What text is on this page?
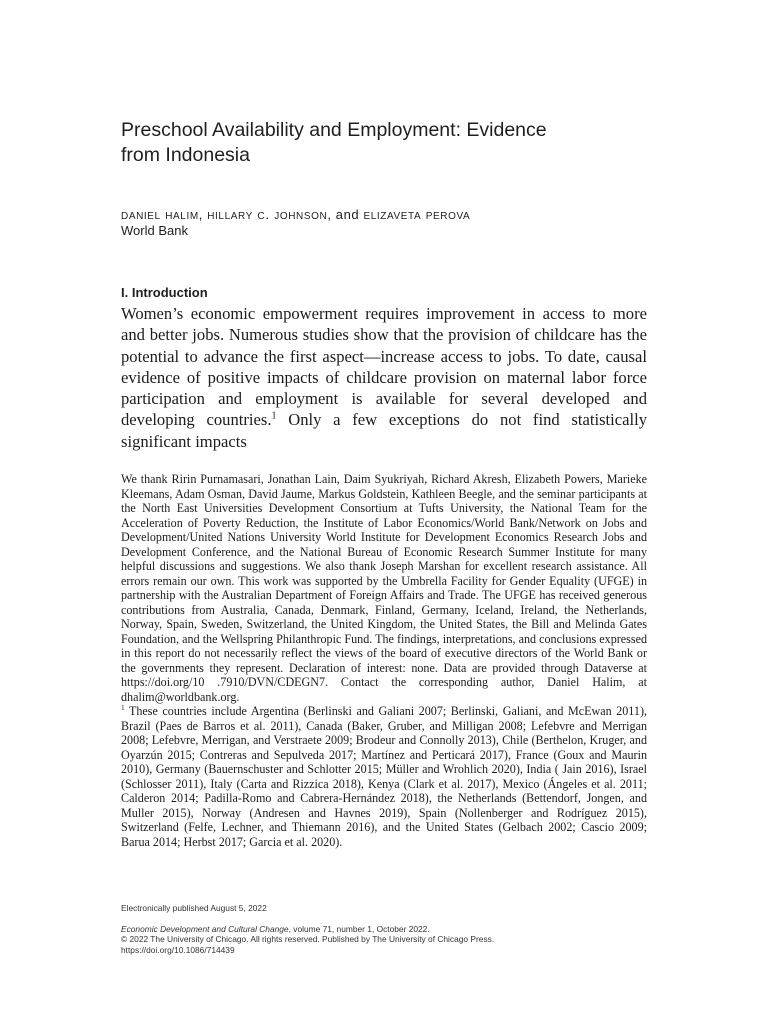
Preschool Availability and Employment: Evidence
from Indonesia
daniel halim, hillary c. johnson, and elizaveta perova
World Bank
I. Introduction
Women’s economic empowerment requires improvement in access to more and better jobs. Numerous studies show that the provision of childcare has the potential to advance the first aspect—increase access to jobs. To date, causal evidence of positive impacts of childcare provision on maternal labor force participation and employment is available for several developed and developing countries.$^1$ Only a few exceptions do not find statistically significant impacts

We thank Ririn Purnamasari, Jonathan Lain, Daim Syukriyah, Richard Akresh, Elizabeth Powers, Marieke Kleemans, Adam Osman, David Jaume, Markus Goldstein, Kathleen Beegle, and the seminar participants at the North East Universities Development Consortium at Tufts University, the National Team for the Acceleration of Poverty Reduction, the Institute of Labor Economics/World Bank/Network on Jobs and Development/United Nations University World Institute for Development Economics Research Jobs and Development Conference, and the National Bureau of Economic Research Summer Institute for many helpful discussions and suggestions. We also thank Joseph Marshan for excellent research assistance. All errors remain our own. This work was supported by the Umbrella Facility for Gender Equality (UFGE) in partnership with the Australian Department of Foreign Affairs and Trade. The UFGE has received generous contributions from Australia, Canada, Denmark, Finland, Germany, Iceland, Ireland, the Netherlands, Norway, Spain, Sweden, Switzerland, the United Kingdom, the United States, the Bill and Melinda Gates Foundation, and the Wellspring Philanthropic Fund. The findings, interpretations, and conclusions expressed in this report do not necessarily reflect the views of the board of executive directors of the World Bank or the governments they represent. Declaration of interest: none. Data are provided through Dataverse at https://doi.org/10 .7910/DVN/CDEGN7. Contact the corresponding author, Daniel Halim, at dhalim@worldbank.org.

$^1$ These countries include Argentina (Berlinski and Galiani 2007; Berlinski, Galiani, and McEwan 2011), Brazil (Paes de Barros et al. 2011), Canada (Baker, Gruber, and Milligan 2008; Lefebvre and Merrigan 2008; Lefebvre, Merrigan, and Verstraete 2009; Brodeur and Connolly 2013), Chile (Berthelon, Kruger, and Oyarzún 2015; Contreras and Sepulveda 2017; Martínez and Perticará 2017), France (Goux and Maurin 2010), Germany (Bauernschuster and Schlotter 2015; Müller and Wrohlich 2020), India ( Jain 2016), Israel (Schlosser 2011), Italy (Carta and Rizzica 2018), Kenya (Clark et al. 2017), Mexico (Ángeles et al. 2011; Calderon 2014; Padilla-Romo and Cabrera-Hernández 2018), the Netherlands (Bettendorf, Jongen, and Muller 2015), Norway (Andresen and Havnes 2019), Spain (Nollenberger and Rodríguez 2015), Switzerland (Felfe, Lechner, and Thiemann 2016), and the United States (Gelbach 2002; Cascio 2009; Barua 2014; Herbst 2017; Garcia et al. 2020).

Electronically published August 5, 2022
Economic Development and Cultural Change, volume 71, number 1, October 2022.
© 2022 The University of Chicago. All rights reserved. Published by The University of Chicago Press.
https://doi.org/10.1086/714439
